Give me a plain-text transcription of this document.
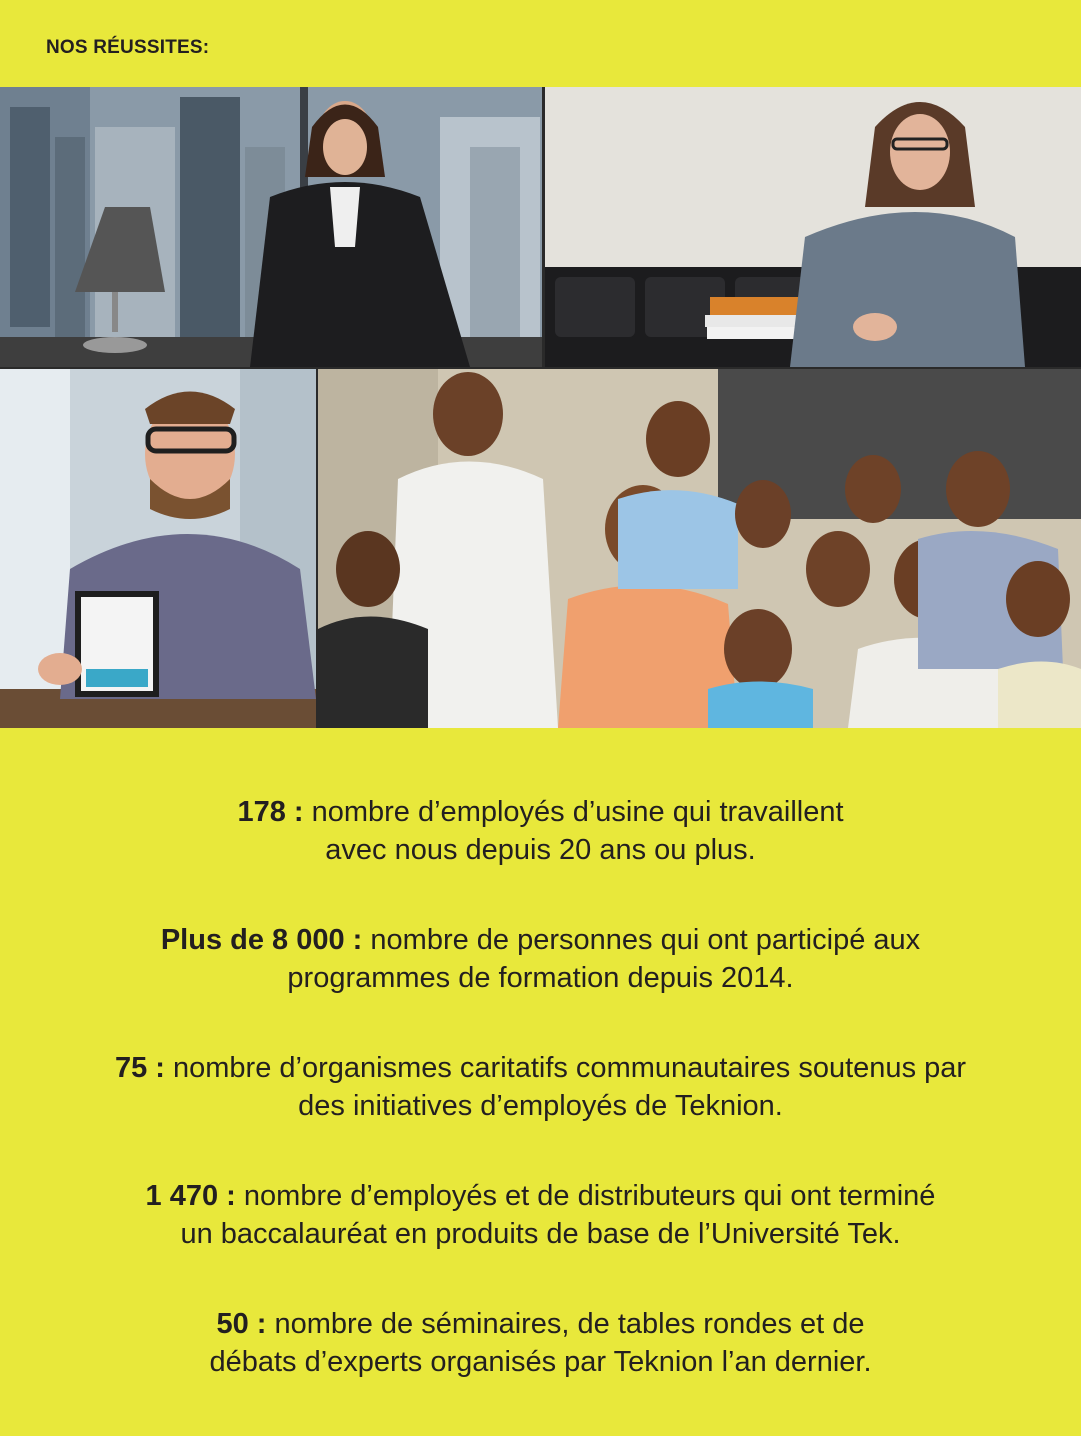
NOS RÉUSSITES:
178 : nombre d’employés d’usine qui travaillent
avec nous depuis 20 ans ou plus.
Plus de 8 000 : nombre de personnes qui ont participé aux
programmes de formation depuis 2014.
75 : nombre d’organismes caritatifs communautaires soutenus par
des initiatives d’employés de Teknion.
1 470 : nombre d’employés et de distributeurs qui ont terminé
un baccalauréat en produits de base de l’Université Tek.
50 : nombre de séminaires, de tables rondes et de
débats d’experts organisés par Teknion l’an dernier.
